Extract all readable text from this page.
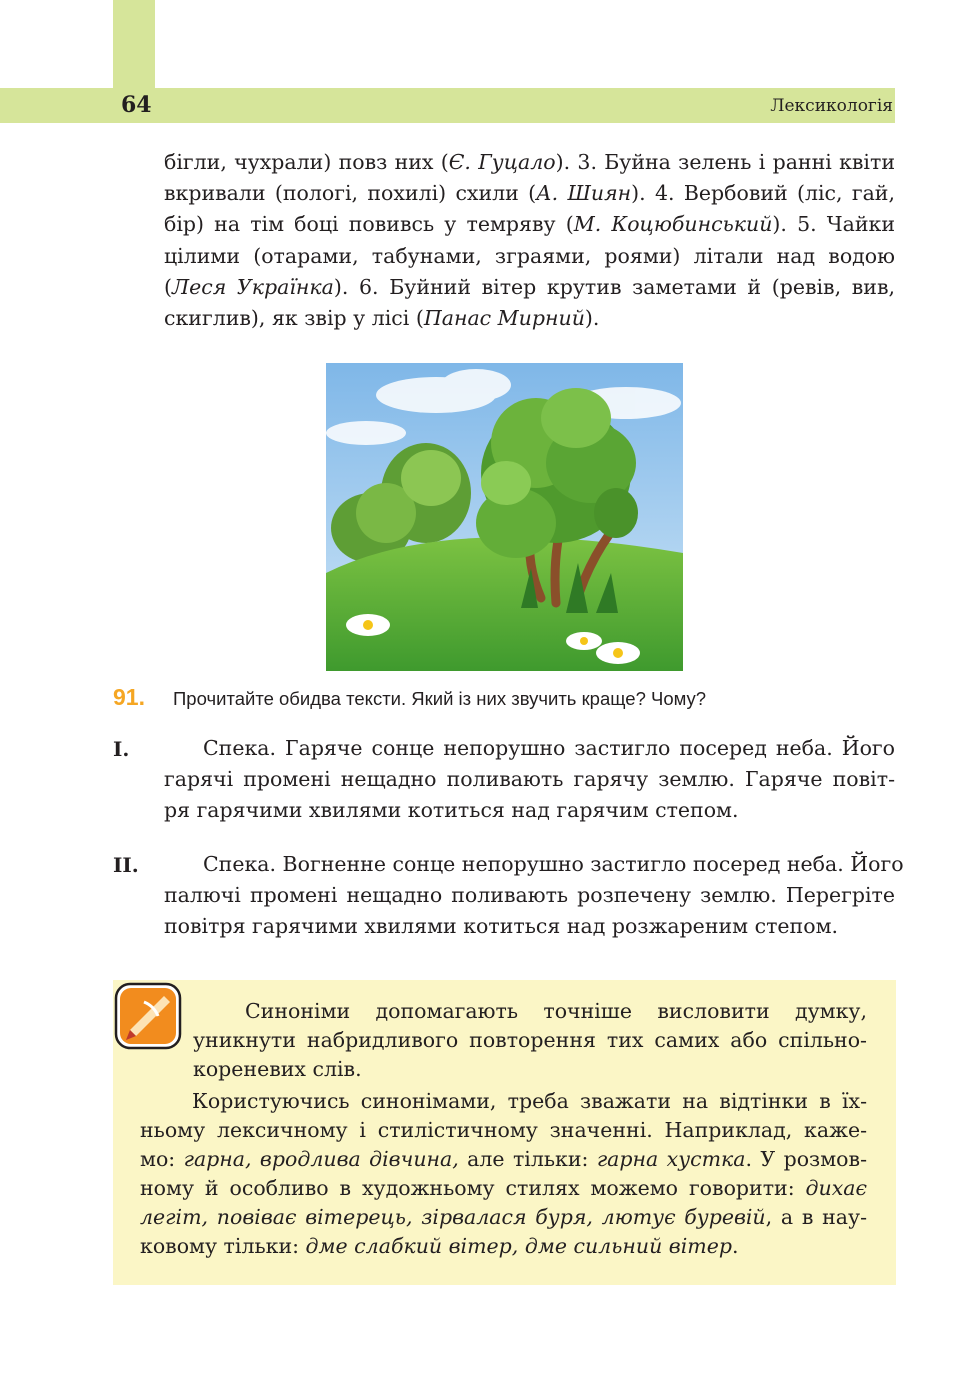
64	Лексикологія
бігли, чухрали) повз них (Є. Гуцало). 3. Буйна зелень і ранні квіти
вкривали (пологі, похилі) схили (А. Шиян). 4. Вербовий (ліс, гай,
бір) на тім боці повивсь у темряву (М. Коцюбинський). 5. Чайки
цілими (отарами, табунами, зграями, роями) літали над водою
(Леся Українка). 6. Буйний вітер крутив заметами й (ревів, вив,
скиглив), як звір у лісі (Панас Мирний).
91. Прочитайте обидва тексти. Який із них звучить краще? Чому?
I.	Спека. Гаряче сонце непорушно застигло посеред неба. Його
гарячі промені нещадно поливають гарячу землю. Гаряче повіт-
ря гарячими хвилями котиться над гарячим степом.
II.	Спека. Вогненне сонце непорушно застигло посеред неба. Його
палючі промені нещадно поливають розпечену землю. Перегріте
повітря гарячими хвилями котиться над розжареним степом.
Синоніми допомагають точніше висловити думку,
уникнути набридливого повторення тих самих або спільно-
кореневих слів.
Користуючись синонімами, треба зважати на відтінки в їх-
ньому лексичному і стилістичному значенні. Наприклад, каже-
мо: гарна, вродлива дівчина, але тільки: гарна хустка. У розмов-
ному й особливо в художньому стилях можемо говорити: дихає
легіт, повіває вітерець, зірвалася буря, лютує буревій, а в нау-
ковому тільки: дме слабкий вітер, дме сильний вітер.
